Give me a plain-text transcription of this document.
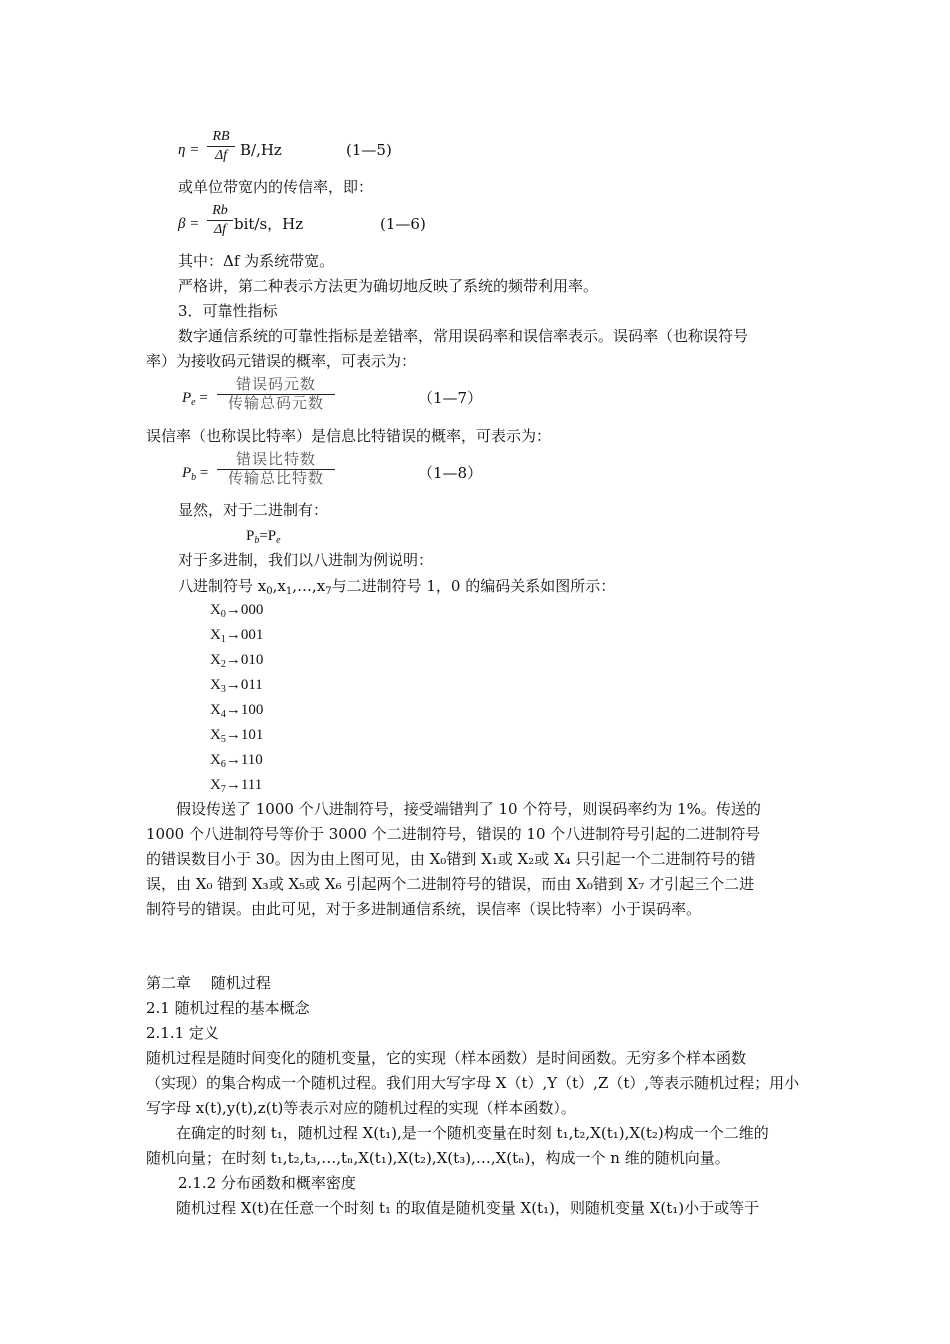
η =
RB
Δf B/,Hz	(1—5)
或单位带宽内的传信率，即：
β =
Rb
Δf bit/s，Hz	(1—6)
其中：Δf 为系统带宽。
严格讲，第二种表示方法更为确切地反映了系统的频带利用率。
3．可靠性指标
数字通信系统的可靠性指标是差错率，常用误码率和误信率表示。误码率（也称误符号
率）为接收码元错误的概率，可表示为：
$P_e$ =
错误码元数
传输总码元数	（1—7）
误信率（也称误比特率）是信息比特错误的概率，可表示为：
$P_b$ =
错误比特数
传输总比特数	（1—8）
显然，对于二进制有：
$P_b=P_e$
对于多进制，我们以八进制为例说明：
八进制符号 $x_0,x_1,\dots,x_7$与二进制符号 1，0 的编码关系如图所示：
$X_0\to 000$
$X_1\to 001$
$X_2\to 010$
$X_3\to 011$
$X_4\to 100$
$X_5\to 101$
$X_6\to 110$
$X_7\to 111$
　　假设传送了 1000 个八进制符号，接受端错判了 10 个符号，则误码率约为 1%。传送的
1000 个八进制符号等价于 3000 个二进制符号，错误的 10 个八进制符号引起的二进制符号
的错误数目小于 30。因为由上图可见，由 X₀错到 X₁或 X₂或 X₄ 只引起一个二进制符号的错
误，由 X₀ 错到 X₃或 X₅或 X₆ 引起两个二进制符号的错误，而由 X₀错到 X₇ 才引起三个二进
制符号的错误。由此可见，对于多进制通信系统，误信率（误比特率）小于误码率。
第二章　 随机过程
2.1 随机过程的基本概念
2.1.1 定义
随机过程是随时间变化的随机变量，它的实现（样本函数）是时间函数。无穷多个样本函数
（实现）的集合构成一个随机过程。我们用大写字母 X（t）,Y（t）,Z（t）,等表示随机过程；用小
写字母 x(t),y(t),z(t)等表示对应的随机过程的实现（样本函数）。
　　在确定的时刻 t₁，随机过程 X(t₁),是一个随机变量在时刻 t₁,t₂,X(t₁),X(t₂)构成一个二维的
随机向量；在时刻 t₁,t₂,t₃,…,tₙ,X(t₁),X(t₂),X(t₃),…,X(tₙ)，构成一个 n 维的随机向量。
2.1.2 分布函数和概率密度
　　随机过程 X(t)在任意一个时刻 t₁ 的取值是随机变量 X(t₁)，则随机变量 X(t₁)小于或等于
